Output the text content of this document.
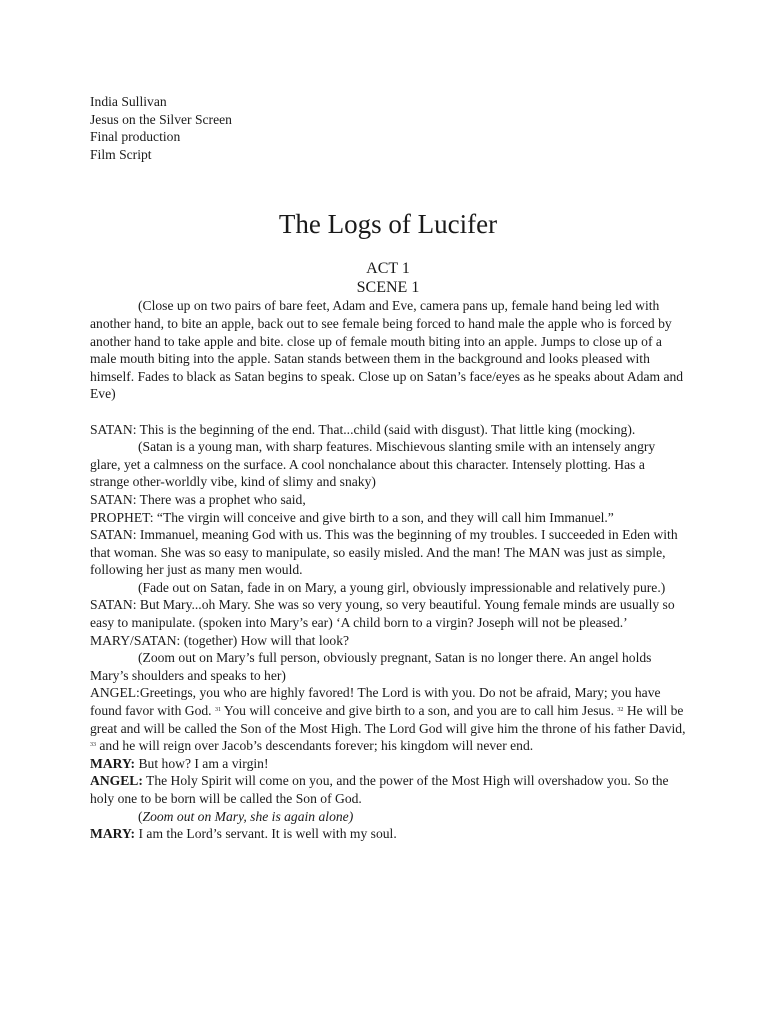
India Sullivan
Jesus on the Silver Screen
Final production
Film Script
The Logs of Lucifer
ACT 1
SCENE 1

(Close up on two pairs of bare feet, Adam and Eve, camera pans up, female hand being led with another hand, to bite an apple, back out to see female being forced to hand male the apple who is forced by another hand to take apple and bite. close up of female mouth biting into an apple. Jumps to close up of a male mouth biting into the apple. Satan stands between them in the background and looks pleased with himself. Fades to black as Satan begins to speak. Close up on Satan’s face/eyes as he speaks about Adam and Eve)

SATAN: This is the beginning of the end. That...child (said with disgust). That little king (mocking).

(Satan is a young man, with sharp features. Mischievous slanting smile with an intensely angry glare, yet a calmness on the surface. A cool nonchalance about this character. Intensely plotting. Has a strange other-worldly vibe, kind of slimy and snaky)

SATAN: There was a prophet who said,

PROPHET: “The virgin will conceive and give birth to a son, and they will call him Immanuel.”

SATAN: Immanuel, meaning God with us. This was the beginning of my troubles. I succeeded in Eden with that woman. She was so easy to manipulate, so easily misled. And the man! The MAN was just as simple, following her just as many men would.

(Fade out on Satan, fade in on Mary, a young girl, obviously impressionable and relatively pure.)

SATAN: But Mary...oh Mary. She was so very young, so very beautiful. Young female minds are usually so easy to manipulate. (spoken into Mary’s ear) ‘A child born to a virgin? Joseph will not be pleased.’

MARY/SATAN: (together) How will that look?

(Zoom out on Mary’s full person, obviously pregnant, Satan is no longer there. An angel holds Mary’s shoulders and speaks to her)

ANGEL:Greetings, you who are highly favored! The Lord is with you. Do not be afraid, Mary; you have found favor with God. $^{31}$ You will conceive and give birth to a son, and you are to call him Jesus. $^{32}$ He will be great and will be called the Son of the Most High. The Lord God will give him the throne of his father David, $^{33}$ and he will reign over Jacob’s descendants forever; his kingdom will never end.

MARY: But how? I am a virgin!

ANGEL: The Holy Spirit will come on you, and the power of the Most High will overshadow you. So the holy one to be born will be called the Son of God.

(Zoom out on Mary, she is again alone)

MARY: I am the Lord’s servant. It is well with my soul.
